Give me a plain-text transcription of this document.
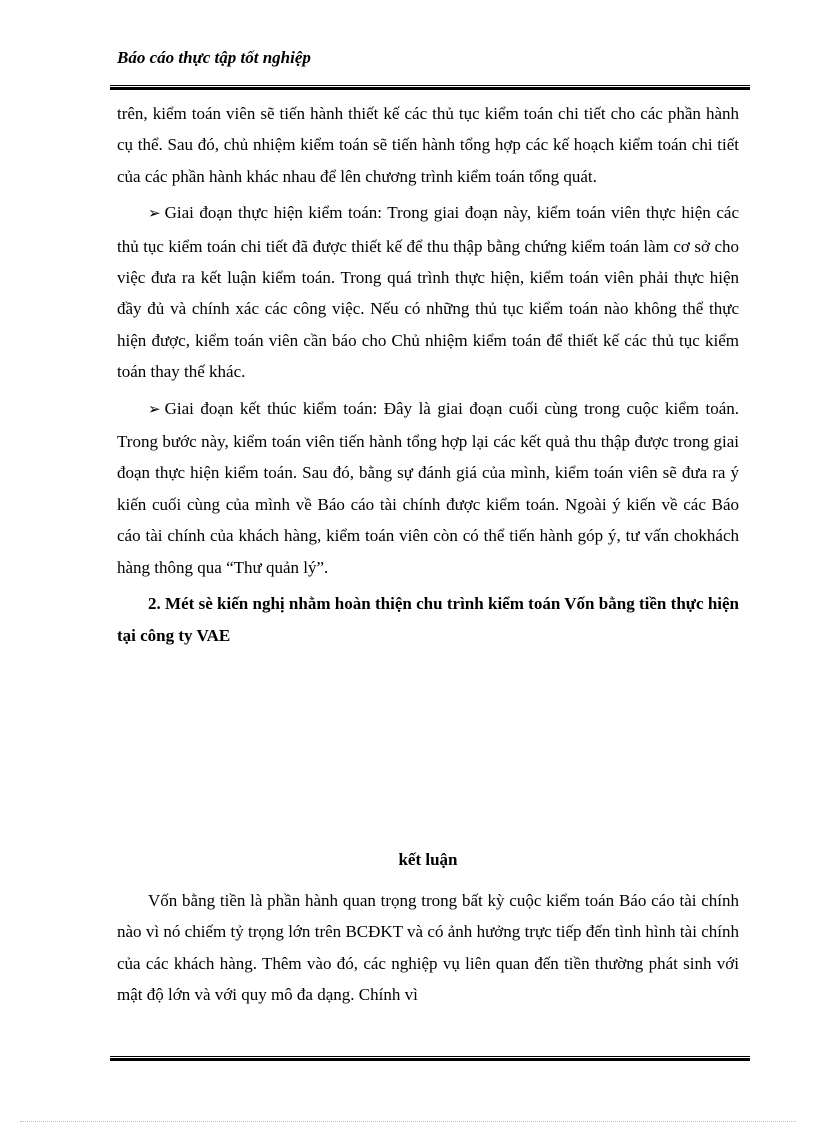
Báo cáo thực tập tốt nghiệp

trên, kiểm toán viên sẽ tiến hành thiết kế các thủ tục kiểm toán chi tiết cho các phần hành cụ thể. Sau đó, chủ nhiệm kiểm toán sẽ tiến hành tổng hợp các kế hoạch kiểm toán chi tiết của các phần hành khác nhau để lên chương trình kiểm toán tổng quát.

➢ Giai đoạn thực hiện kiểm toán: Trong giai đoạn này, kiểm toán viên thực hiện các thủ tục kiểm toán chi tiết đã được thiết kế để thu thập bằng chứng kiểm toán làm cơ sở cho việc đưa ra kết luận kiểm toán. Trong quá trình thực hiện, kiểm toán viên phải thực hiện đầy đủ và chính xác các công việc. Nếu có những thủ tục kiểm toán nào không thể thực hiện được, kiểm toán viên cần báo cho Chủ nhiệm kiểm toán để thiết kế các thủ tục kiểm toán thay thế khác.

➢ Giai đoạn kết thúc kiểm toán: Đây là giai đoạn cuối cùng trong cuộc kiểm toán. Trong bước này, kiểm toán viên tiến hành tổng hợp lại các kết quả thu thập được trong giai đoạn thực hiện kiểm toán. Sau đó, bằng sự đánh giá của mình, kiểm toán viên sẽ đưa ra ý kiến cuối cùng của mình về Báo cáo tài chính được kiểm toán. Ngoài ý kiến về các Báo cáo tài chính của khách hàng, kiểm toán viên còn có thể tiến hành góp ý, tư vấn chokhách hàng thông qua “Thư quản lý”.

2. Mét sè kiến nghị nhằm hoàn thiện chu trình kiểm toán Vốn bằng tiền thực hiện tại công ty VAE

kết luận

Vốn bằng tiền là phần hành quan trọng trong bất kỳ cuộc kiểm toán Báo cáo tài chính nào vì nó chiếm tỷ trọng lớn trên BCĐKT và có ảnh hưởng trực tiếp đến tình hình tài chính của các khách hàng. Thêm vào đó, các nghiệp vụ liên quan đến tiền thường phát sinh với mật độ lớn và với quy mô đa dạng. Chính vì
